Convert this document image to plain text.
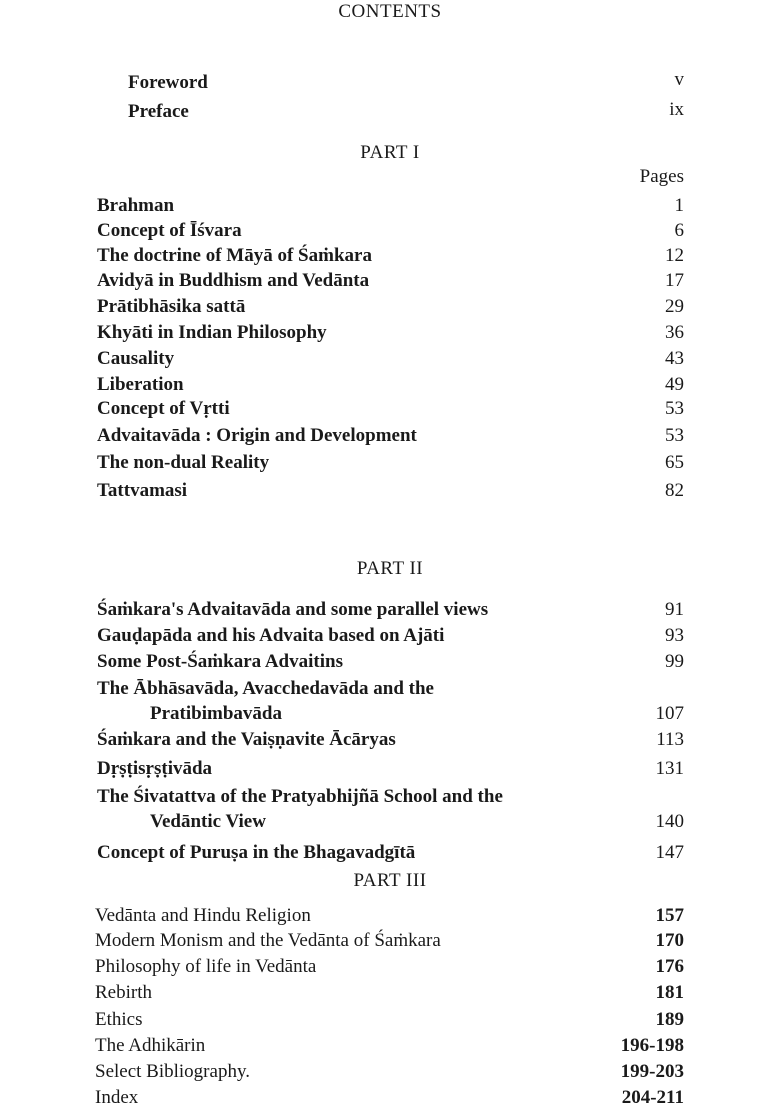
CONTENTS
Foreword	v
Preface	ix
PART I
Pages
Brahman	1
Concept of Īśvara	6
The doctrine of Māyā of Śaṁkara	12
Avidyā in Buddhism and Vedānta	17
Prātibhāsika sattā	29
Khyāti in Indian Philosophy	36
Causality	43
Liberation	49
Concept of Vṛtti	53
Advaitavāda : Origin and Development	53
The non-dual Reality	65
Tattvamasi	82
PART II
Śaṁkara's Advaitavāda and some parallel views	91
Gauḍapāda and his Advaita based on Ajāti	93
Some Post-Śaṁkara Advaitins	99
The Ābhāsavāda, Avacchedavāda and the
Pratibimbavāda	107
Śaṁkara and the Vaiṣṇavite Ācāryas	113
Dṛṣṭisṛṣṭivāda	131
The Śivatattva of the Pratyabhijñā School and the
Vedāntic View	140
Concept of Puruṣa in the Bhagavadgītā	147
PART III
Vedānta and Hindu Religion	157
Modern Monism and the Vedānta of Śaṁkara	170
Philosophy of life in Vedānta	176
Rebirth	181
Ethics	189
The Adhikārin	196-198
Select Bibliography.	199-203
Index	204-211
